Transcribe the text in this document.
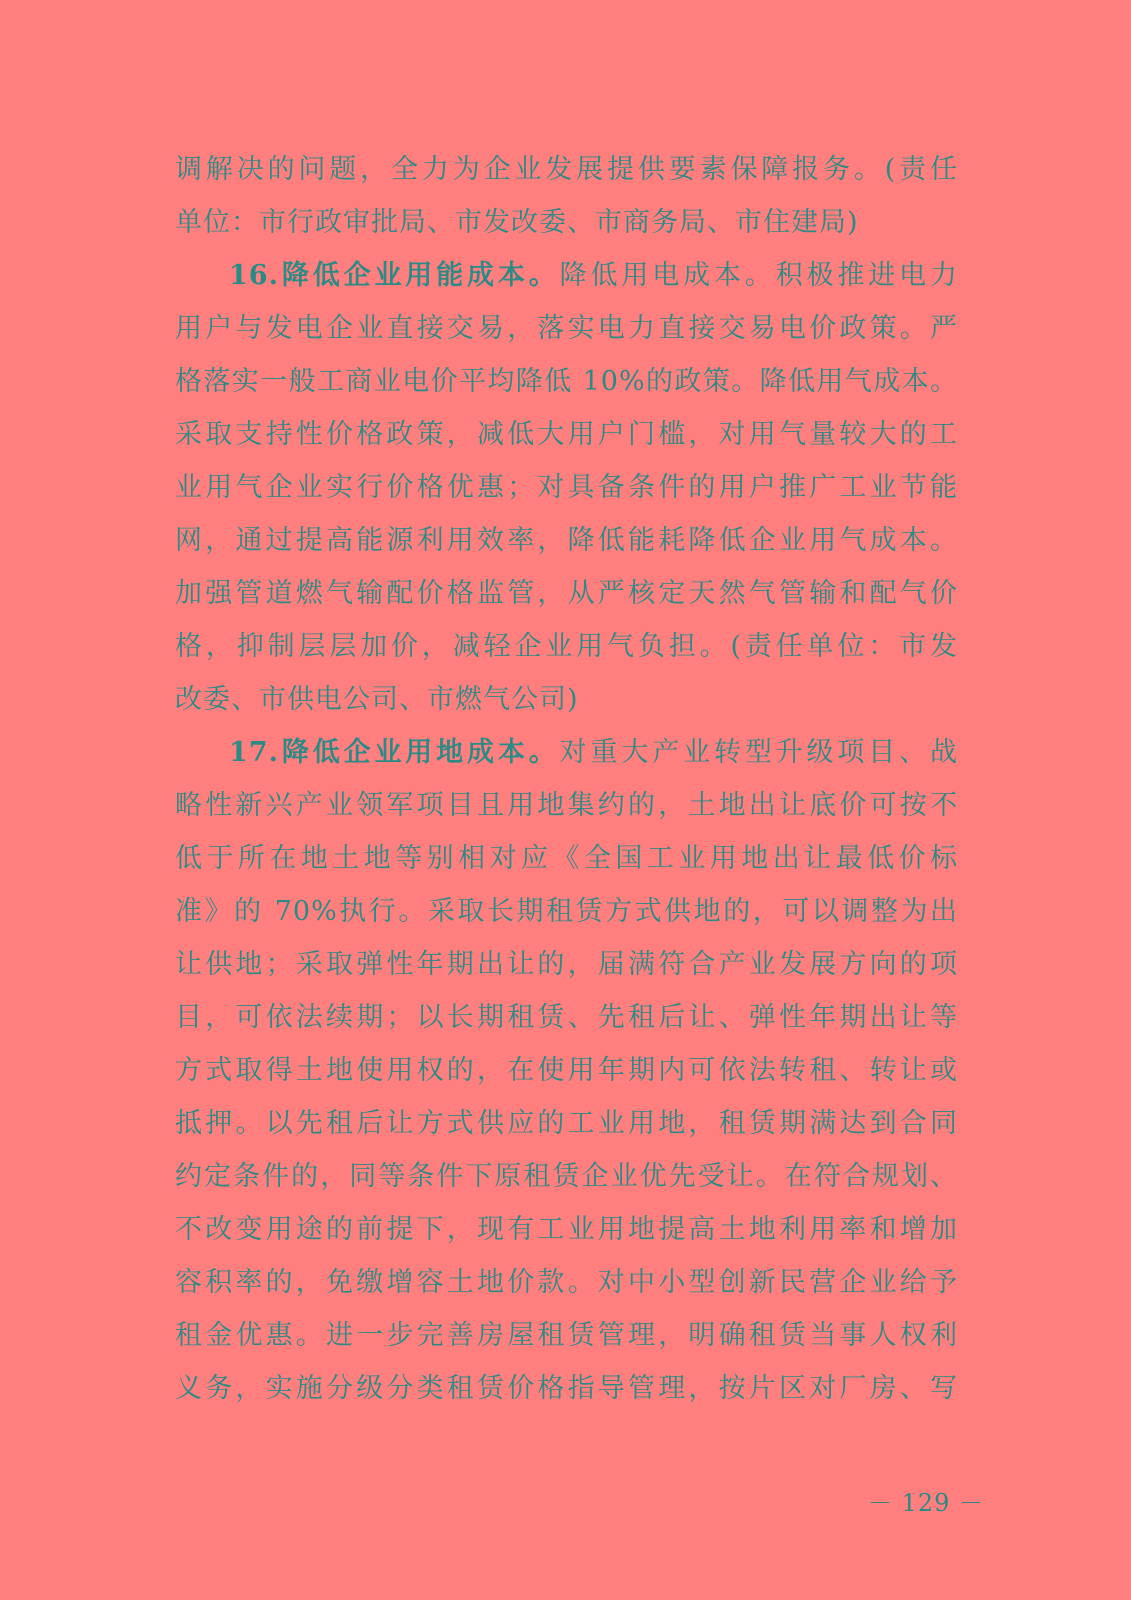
调解决的问题，全力为企业发展提供要素保障报务。(责任
单位：市行政审批局、市发改委、市商务局、市住建局)
16.降低企业用能成本。降低用电成本。积极推进电力
用户与发电企业直接交易，落实电力直接交易电价政策。严
格落实一般工商业电价平均降低 10%的政策。降低用气成本。
采取支持性价格政策，减低大用户门槛，对用气量较大的工
业用气企业实行价格优惠；对具备条件的用户推广工业节能
网，通过提高能源利用效率，降低能耗降低企业用气成本。
加强管道燃气输配价格监管，从严核定天然气管输和配气价
格，抑制层层加价，减轻企业用气负担。(责任单位：市发
改委、市供电公司、市燃气公司)
17.降低企业用地成本。对重大产业转型升级项目、战
略性新兴产业领军项目且用地集约的，土地出让底价可按不
低于所在地土地等别相对应《全国工业用地出让最低价标
准》的 70%执行。采取长期租赁方式供地的，可以调整为出
让供地；采取弹性年期出让的，届满符合产业发展方向的项
目，可依法续期；以长期租赁、先租后让、弹性年期出让等
方式取得土地使用权的，在使用年期内可依法转租、转让或
抵押。以先租后让方式供应的工业用地，租赁期满达到合同
约定条件的，同等条件下原租赁企业优先受让。在符合规划、
不改变用途的前提下，现有工业用地提高土地利用率和增加
容积率的，免缴增容土地价款。对中小型创新民营企业给予
租金优惠。进一步完善房屋租赁管理，明确租赁当事人权利
义务，实施分级分类租赁价格指导管理，按片区对厂房、写
－ 129 －
